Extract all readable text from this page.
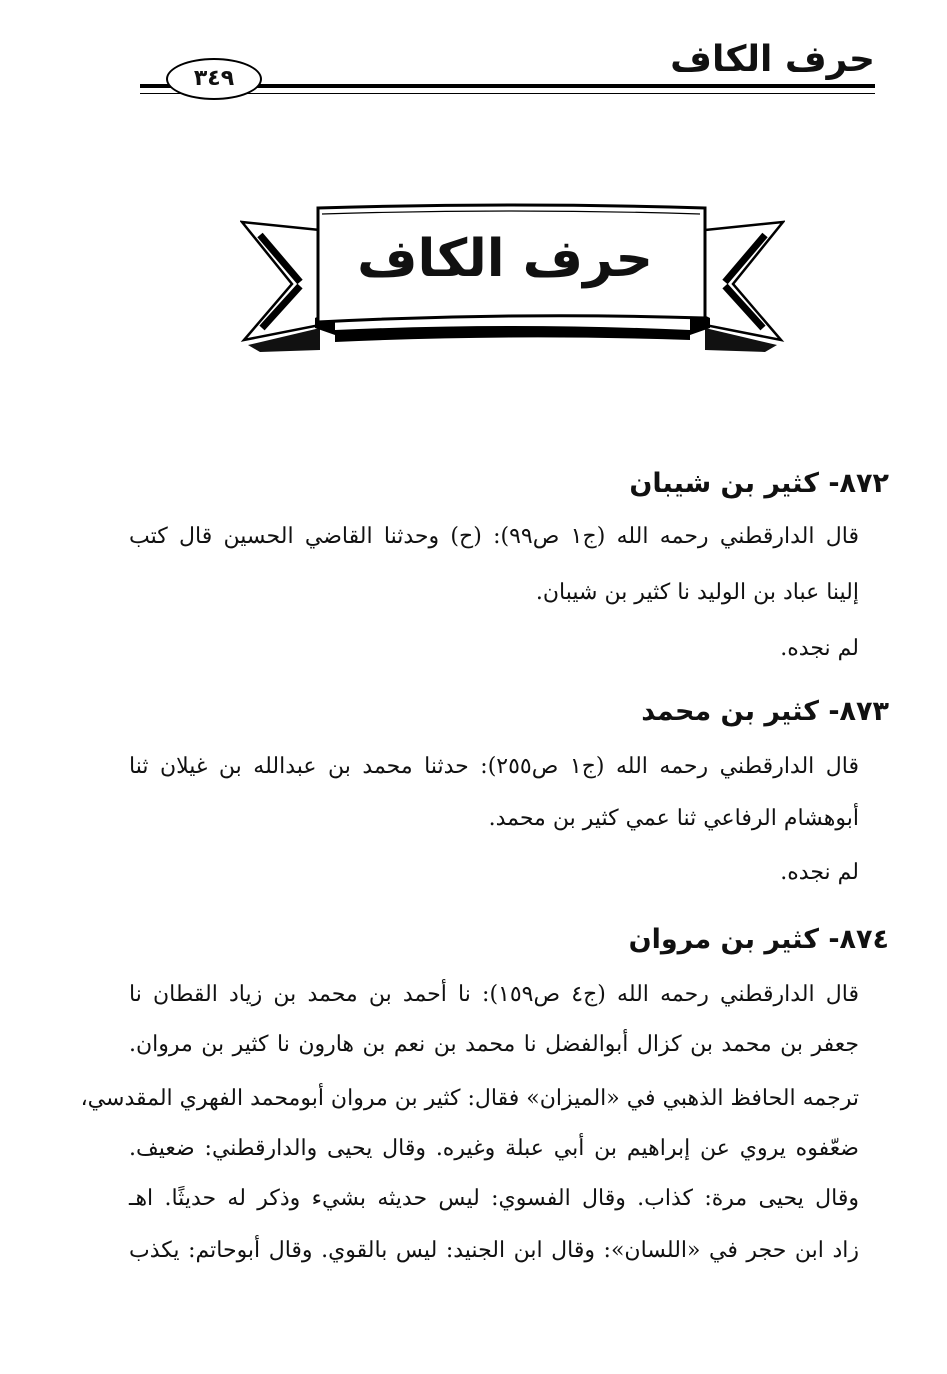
حرف الكاف
٣٤٩
حرف الكاف
٨٧٢- كثير بن شيبان
قال الدارقطني رحمه الله (ج١ ص٩٩): (ح) وحدثنا القاضي الحسين قال كتب
إلينا عباد بن الوليد نا كثير بن شيبان.
لم نجده.
٨٧٣- كثير بن محمد
قال الدارقطني رحمه الله (ج١ ص٢٥٥): حدثنا محمد بن عبدالله بن غيلان ثنا
أبوهشام الرفاعي ثنا عمي كثير بن محمد.
لم نجده.
٨٧٤- كثير بن مروان
قال الدارقطني رحمه الله (ج٤ ص١٥٩): نا أحمد بن محمد بن زياد القطان نا
جعفر بن محمد بن كزال أبوالفضل نا محمد بن نعم بن هارون نا كثير بن مروان.
ترجمه الحافظ الذهبي في «الميزان» فقال: كثير بن مروان أبومحمد الفهري المقدسي،
ضعّفوه يروي عن إبراهيم بن أبي عبلة وغيره. وقال يحيى والدارقطني: ضعيف.
وقال يحيى مرة: كذاب. وقال الفسوي: ليس حديثه بشيء وذكر له حديثًا. اهـ
زاد ابن حجر في «اللسان»: وقال ابن الجنيد: ليس بالقوي. وقال أبوحاتم: يكذب
